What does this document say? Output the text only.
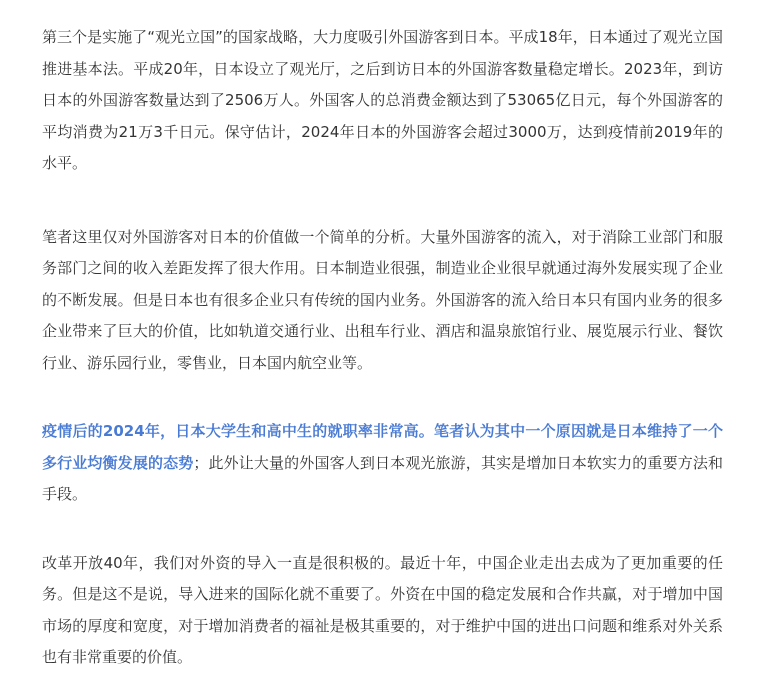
第三个是实施了“观光立国”的国家战略，大力度吸引外国游客到日本。平成18年，日本通过了观光立国推进基本法。平成20年，日本设立了观光厅，之后到访日本的外国游客数量稳定增长。2023年，到访日本的外国游客数量达到了2506万人。外国客人的总消费金额达到了53065亿日元，每个外国游客的平均消费为21万3千日元。保守估计，2024年日本的外国游客会超过3000万，达到疫情前2019年的水平。

笔者这里仅对外国游客对日本的价值做一个简单的分析。大量外国游客的流入，对于消除工业部门和服务部门之间的收入差距发挥了很大作用。日本制造业很强，制造业企业很早就通过海外发展实现了企业的不断发展。但是日本也有很多企业只有传统的国内业务。外国游客的流入给日本只有国内业务的很多企业带来了巨大的价值，比如轨道交通行业、出租车行业、酒店和温泉旅馆行业、展览展示行业、餐饮行业、游乐园行业，零售业，日本国内航空业等。

疫情后的2024年，日本大学生和高中生的就职率非常高。笔者认为其中一个原因就是日本维持了一个多行业均衡发展的态势；此外让大量的外国客人到日本观光旅游，其实是增加日本软实力的重要方法和手段。

改革开放40年，我们对外资的导入一直是很积极的。最近十年，中国企业走出去成为了更加重要的任务。但是这不是说，导入进来的国际化就不重要了。外资在中国的稳定发展和合作共赢，对于增加中国市场的厚度和宽度，对于增加消费者的福祉是极其重要的，对于维护中国的进出口问题和维系对外关系也有非常重要的价值。
